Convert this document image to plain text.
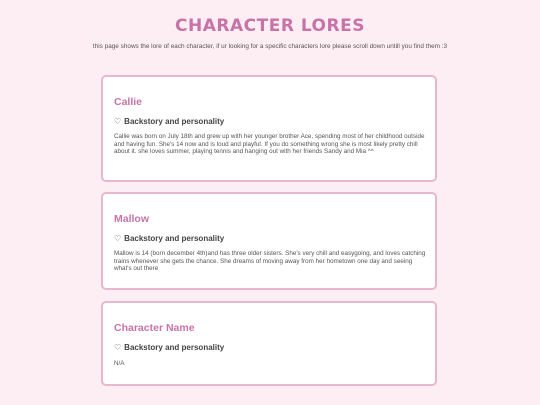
CHARACTER LORES

this page shows the lore of each character, if ur looking for a specific characters lore please scroll down untill you find them :3

Callie
♡ Backstory and personality

Callie was born on July 18th and grew up with her younger brother Ace, spending most of her childhood outside and having fun. She's 14 now and is loud and playful. If you do something wrong she is most likely pretty chill about it. she loves summer, playing tennis and hanging out with her friends Sandy and Mia ^^

Mallow
♡ Backstory and personality

Mallow is 14 (born december 4th)and has three older sisters. She's very chill and easygoing, and loves catching trains whenever she gets the chance. She dreams of moving away from her hometown one day and seeing what's out there

Character Name
♡ Backstory and personality

N/A
